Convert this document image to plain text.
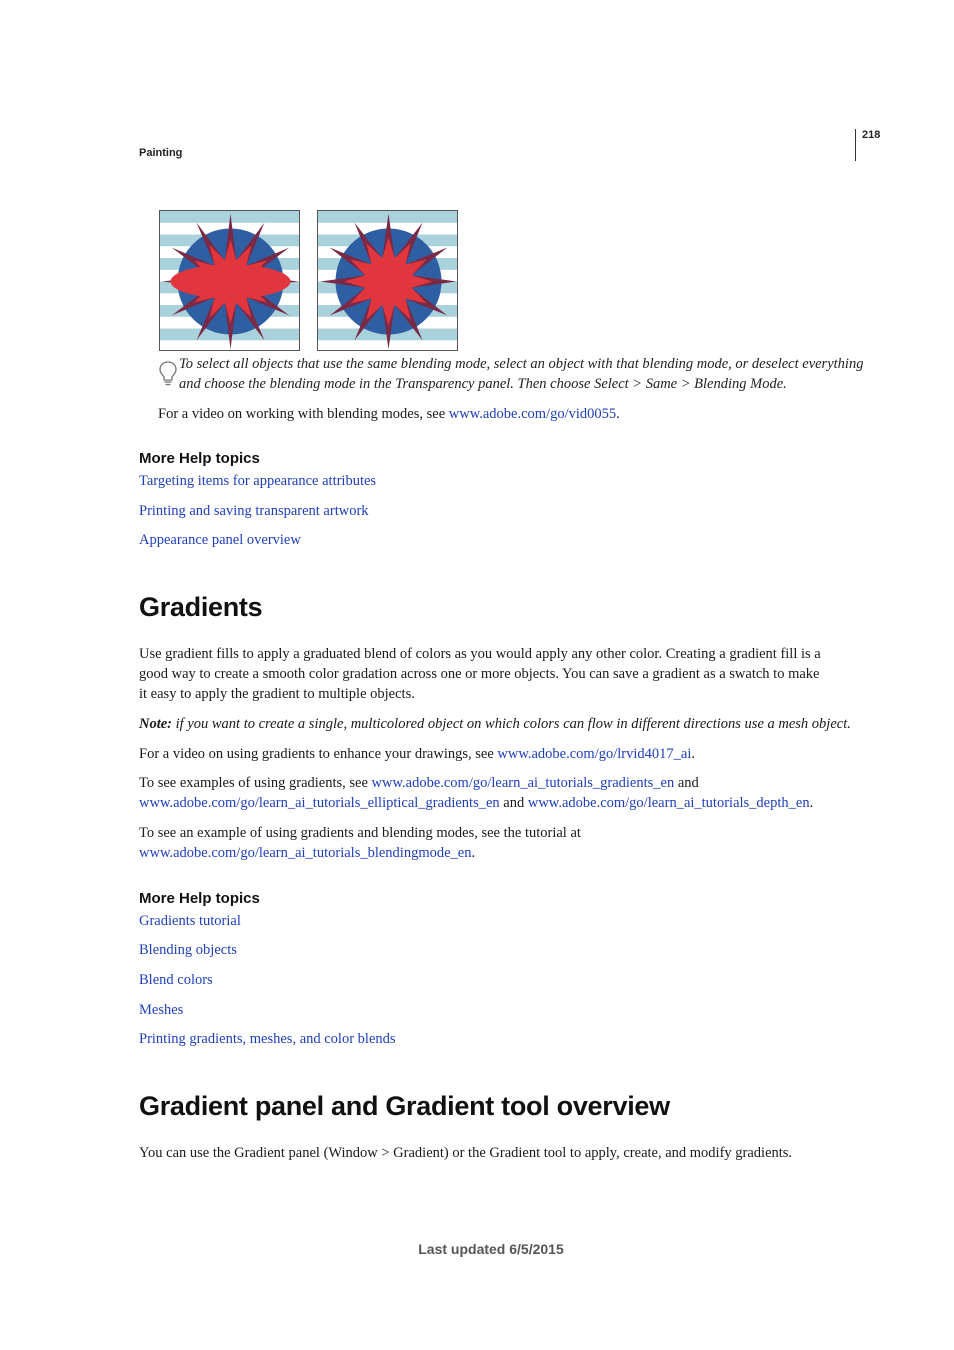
Painting
218
To select all objects that use the same blending mode, select an object with that blending mode, or deselect everything
and choose the blending mode in the Transparency panel. Then choose Select > Same > Blending Mode.
For a video on working with blending modes, see www.adobe.com/go/vid0055.
More Help topics
Targeting items for appearance attributes
Printing and saving transparent artwork
Appearance panel overview
Gradients
Use gradient fills to apply a graduated blend of colors as you would apply any other color. Creating a gradient fill is a
good way to create a smooth color gradation across one or more objects. You can save a gradient as a swatch to make
it easy to apply the gradient to multiple objects.
Note: if you want to create a single, multicolored object on which colors can flow in different directions use a mesh object.
For a video on using gradients to enhance your drawings, see www.adobe.com/go/lrvid4017_ai.
To see examples of using gradients, see www.adobe.com/go/learn_ai_tutorials_gradients_en and
www.adobe.com/go/learn_ai_tutorials_elliptical_gradients_en and www.adobe.com/go/learn_ai_tutorials_depth_en.
To see an example of using gradients and blending modes, see the tutorial at
www.adobe.com/go/learn_ai_tutorials_blendingmode_en.
More Help topics
Gradients tutorial
Blending objects
Blend colors
Meshes
Printing gradients, meshes, and color blends
Gradient panel and Gradient tool overview
You can use the Gradient panel (Window > Gradient) or the Gradient tool to apply, create, and modify gradients.
Last updated 6/5/2015
